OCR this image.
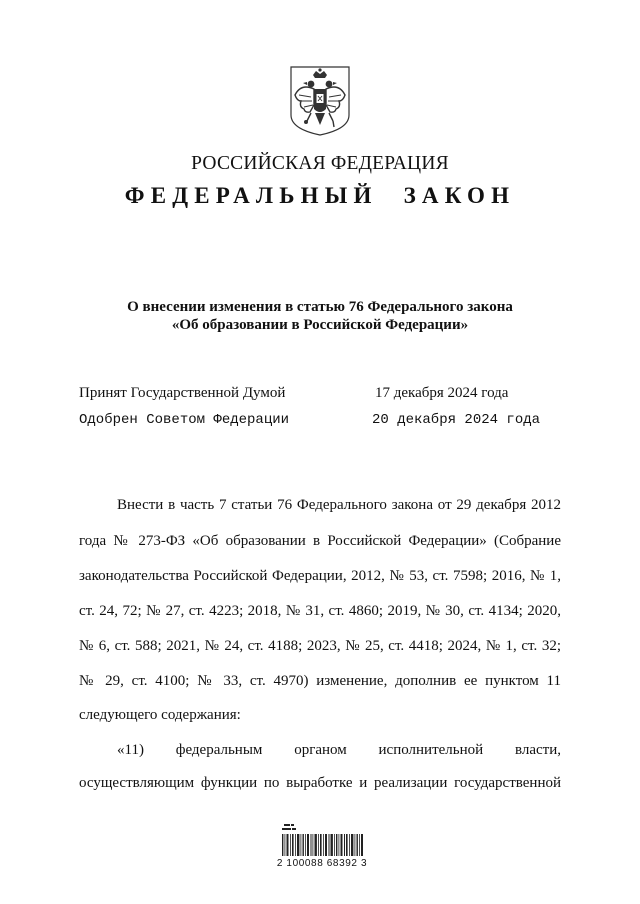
РОССИЙСКАЯ ФЕДЕРАЦИЯ
ФЕДЕРАЛЬНЫЙ ЗАКОН
О внесении изменения в статью 76 Федерального закона
«Об образовании в Российской Федерации»
Принят Государственной Думой	17 декабря 2024 года
Одобрен Советом Федерации	20 декабря 2024 года
Внести в часть 7 статьи 76 Федерального закона от 29 декабря 2012
года № 273-ФЗ «Об образовании в Российской Федерации» (Собрание
законодательства Российской Федерации, 2012, № 53, ст. 7598; 2016, № 1,
ст. 24, 72; № 27, ст. 4223; 2018, № 31, ст. 4860; 2019, № 30, ст. 4134; 2020,
№ 6, ст. 588; 2021, № 24, ст. 4188; 2023, № 25, ст. 4418; 2024, № 1, ст. 32;
№ 29, ст. 4100; № 33, ст. 4970) изменение, дополнив ее пунктом 11
следующего содержания:
«11) федеральным органом исполнительной власти,
осуществляющим функции по выработке и реализации государственной
2 100088 68392 3
